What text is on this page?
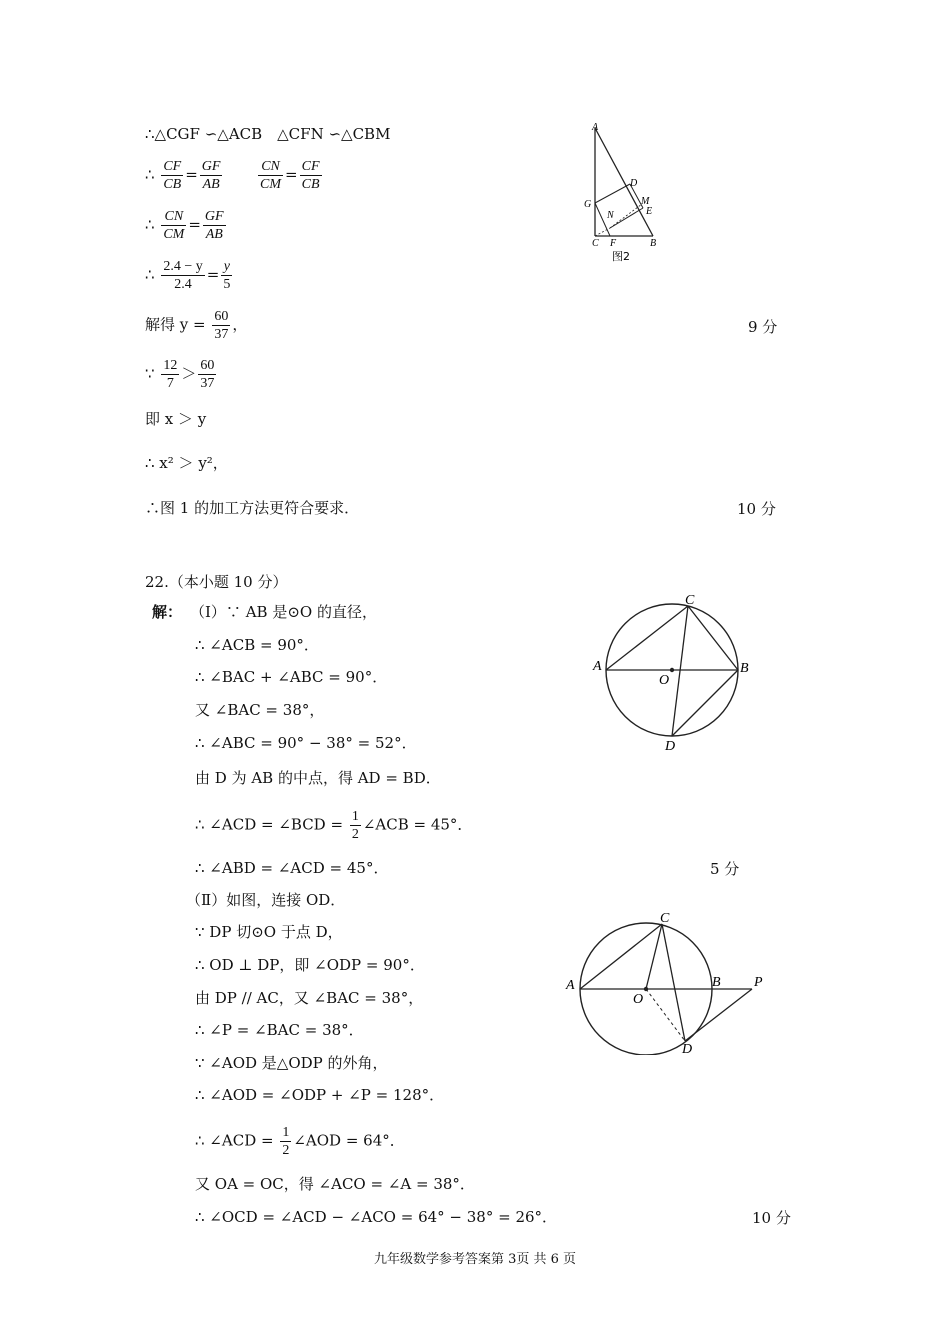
∴△CGF ∽△ACB　△CFN ∽△CBM
∴ $\frac{CF}{CB} = \frac{GF}{AB}$
	$\frac{CN}{CM} = \frac{CF}{CB}$
∴ $\frac{CN}{CM} = \frac{GF}{AB}$
∴ $\frac{2.4 - y}{2.4} = \frac{y}{5}$
解得 $y = \frac{60}{37}$ ，	9 分
∵ $\frac{12}{7} > \frac{60}{37}$
即 x ＞ y
∴ x² ＞ y²，
∴图 1 的加工方法更符合要求．	10 分
A
D
G	M
N	E
C F	B
图2
22.（本小题 10 分）
解： （Ⅰ）∵ AB 是⊙O 的直径，
∴ ∠ACB = 90°．
∴ ∠BAC + ∠ABC = 90°．
又 ∠BAC = 38°，
∴ ∠ABC = 90° − 38° = 52°．
由 D 为 AB 的中点，得 AD = BD．
∴ ∠ACD = ∠BCD = $\frac{1}{2}$ ∠ACB = 45°．
∴ ∠ABD = ∠ACD = 45°．	5 分
（Ⅱ）如图，连接 OD．
∵ DP 切⊙O 于点 D，
∴ OD ⊥ DP，即 ∠ODP = 90°．
由 DP // AC，又 ∠BAC = 38°，
∴ ∠P = ∠BAC = 38°．
∵ ∠AOD 是△ODP 的外角，
∴ ∠AOD = ∠ODP + ∠P = 128°．
∴ ∠ACD = $\frac{1}{2}$ ∠AOD = 64°．
又 OA = OC，得 ∠ACO = ∠A = 38°．
∴ ∠OCD = ∠ACD − ∠ACO = 64° − 38° = 26°．	10 分
C
A
O
B
D
C
A
O
B P
D
九年级数学参考答案第 3页 共 6 页
